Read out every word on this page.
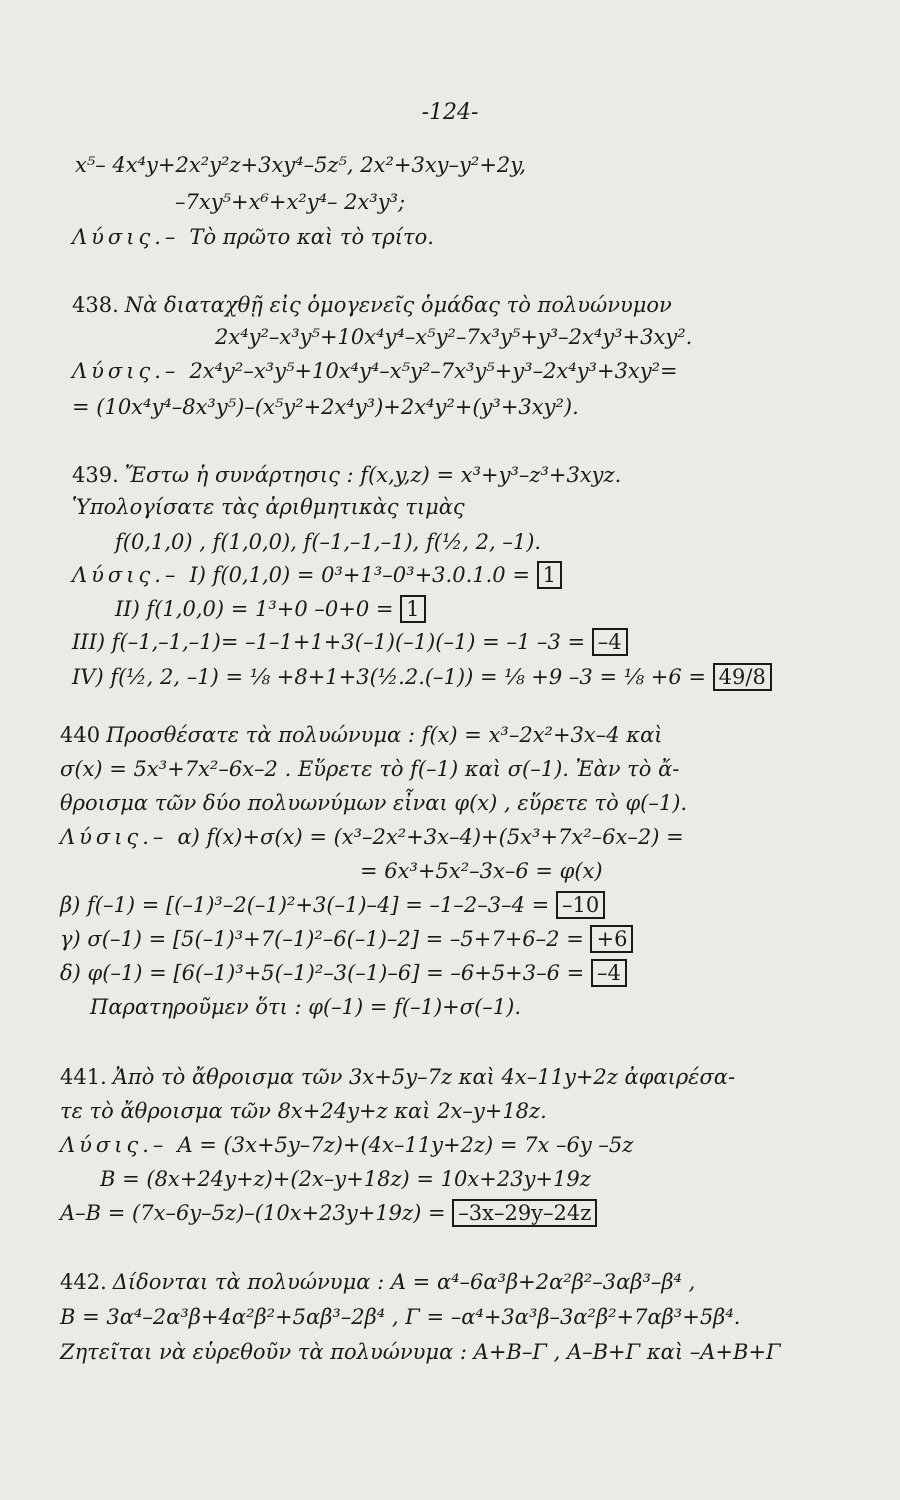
-124-
x⁵– 4x⁴y+2x²y²z+3xy⁴–5z⁵, 2x²+3xy–y²+2y,
–7xy⁵+x⁶+x²y⁴– 2x³y³;
Λύσις.– Τὸ πρῶτο καὶ τὸ τρίτο.
438. Νὰ διαταχθῇ εἰς ὁμογενεῖς ὁμάδας τὸ πολυώνυμον
2x⁴y²–x³y⁵+10x⁴y⁴–x⁵y²–7x³y⁵+y³–2x⁴y³+3xy².
Λύσις.– 2x⁴y²–x³y⁵+10x⁴y⁴–x⁵y²–7x³y⁵+y³–2x⁴y³+3xy²=
= (10x⁴y⁴–8x³y⁵)–(x⁵y²+2x⁴y³)+2x⁴y²+(y³+3xy²).
439. Ἔστω ἡ συνάρτησις : f(x,y,z) = x³+y³–z³+3xyz.
Ὑπολογίσατε τὰς ἀριθμητικὰς τιμὰς
f(0,1,0) , f(1,0,0), f(–1,–1,–1), f(½, 2, –1).
Λύσις.– I) f(0,1,0) = 0³+1³–0³+3.0.1.0 = 1
II) f(1,0,0) = 1³+0 –0+0 = 1
III) f(–1,–1,–1)= –1–1+1+3(–1)(–1)(–1) = –1 –3 = –4
IV) f(½, 2, –1) = ⅛ +8+1+3(½.2.(–1)) = ⅛ +9 –3 = ⅛ +6 = 49/8
440 Προσθέσατε τὰ πολυώνυμα : f(x) = x³–2x²+3x–4 καὶ
σ(x) = 5x³+7x²–6x–2 . Εὕρετε τὸ f(–1) καὶ σ(–1). Ἐὰν τὸ ἄ-
θροισμα τῶν δύο πολυωνύμων εἶναι φ(x) , εὕρετε τὸ φ(–1).
Λύσις.– α) f(x)+σ(x) = (x³–2x²+3x–4)+(5x³+7x²–6x–2) =
= 6x³+5x²–3x–6 = φ(x)
β) f(–1) = [(–1)³–2(–1)²+3(–1)–4] = –1–2–3–4 = –10
γ) σ(–1) = [5(–1)³+7(–1)²–6(–1)–2] = –5+7+6–2 = +6
δ) φ(–1) = [6(–1)³+5(–1)²–3(–1)–6] = –6+5+3–6 = –4
Παρατηροῦμεν ὅτι : φ(–1) = f(–1)+σ(–1).
441. Ἀπὸ τὸ ἄθροισμα τῶν 3x+5y–7z καὶ 4x–11y+2z ἀφαιρέσα-
τε τὸ ἄθροισμα τῶν 8x+24y+z καὶ 2x–y+18z.
Λύσις.– A = (3x+5y–7z)+(4x–11y+2z) = 7x –6y –5z
B = (8x+24y+z)+(2x–y+18z) = 10x+23y+19z
A–B = (7x–6y–5z)–(10x+23y+19z) = –3x–29y–24z
442. Δίδονται τὰ πολυώνυμα : A = α⁴–6α³β+2α²β²–3αβ³–β⁴ ,
B = 3α⁴–2α³β+4α²β²+5αβ³–2β⁴ , Γ = –α⁴+3α³β–3α²β²+7αβ³+5β⁴.
Ζητεῖται νὰ εὑρεθοῦν τὰ πολυώνυμα : A+B–Γ , A–B+Γ καὶ –A+B+Γ
